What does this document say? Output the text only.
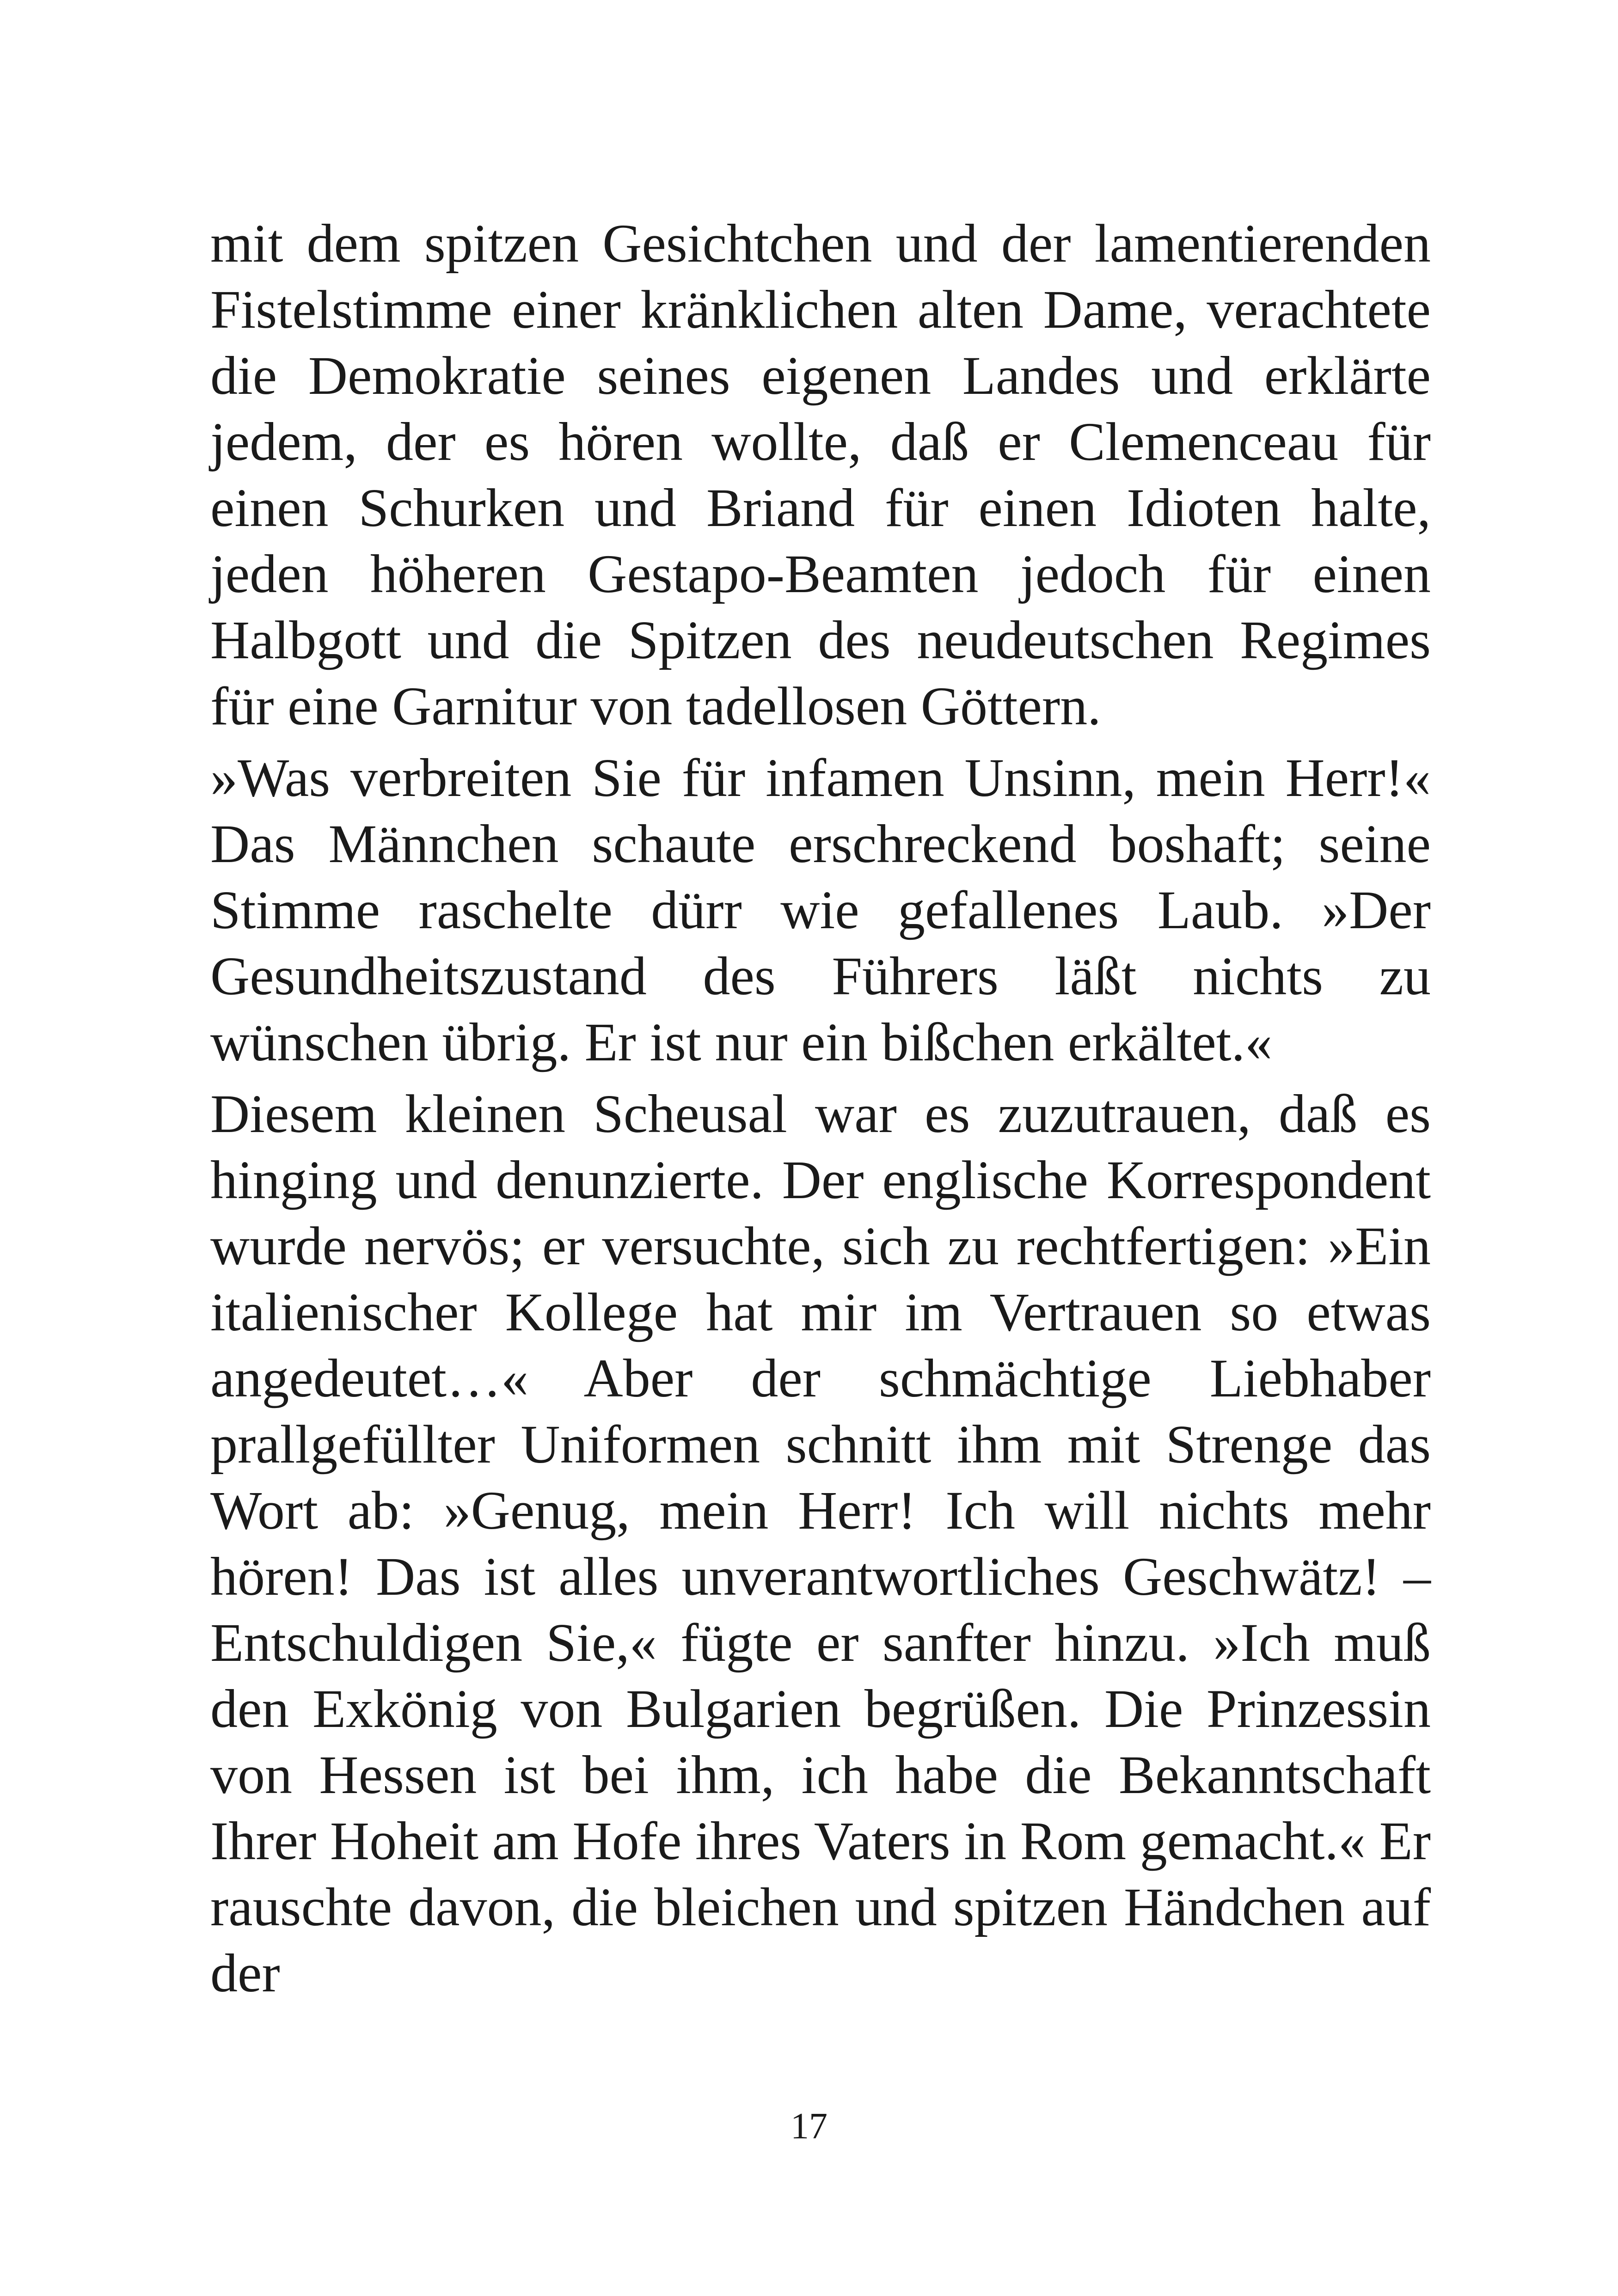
mit dem spitzen Gesichtchen und der lamentierenden Fistelstimme einer kränklichen alten Dame, verachtete die Demokratie seines eigenen Landes und erklärte jedem, der es hören wollte, daß er Clemenceau für einen Schurken und Briand für einen Idioten halte, jeden höheren Gestapo-Beamten jedoch für einen Halbgott und die Spitzen des neudeutschen Regimes für eine Garnitur von tadellosen Göttern.

»Was verbreiten Sie für infamen Unsinn, mein Herr!« Das Männchen schaute erschreckend boshaft; seine Stimme raschelte dürr wie gefallenes Laub. »Der Gesundheitszustand des Führers läßt nichts zu wünschen übrig. Er ist nur ein bißchen erkältet.«

Diesem kleinen Scheusal war es zuzutrauen, daß es hinging und denunzierte. Der englische Korrespondent wurde nervös; er versuchte, sich zu rechtfertigen: »Ein italienischer Kollege hat mir im Vertrauen so etwas angedeutet…« Aber der schmächtige Liebhaber prallgefüllter Uniformen schnitt ihm mit Strenge das Wort ab: »Genug, mein Herr! Ich will nichts mehr hören! Das ist alles unverantwortliches Geschwätz! – Entschuldigen Sie,« fügte er sanfter hinzu. »Ich muß den Exkönig von Bulgarien begrüßen. Die Prinzessin von Hessen ist bei ihm, ich habe die Bekanntschaft Ihrer Hoheit am Hofe ihres Vaters in Rom gemacht.« Er rauschte davon, die bleichen und spitzen Händchen auf der

17
